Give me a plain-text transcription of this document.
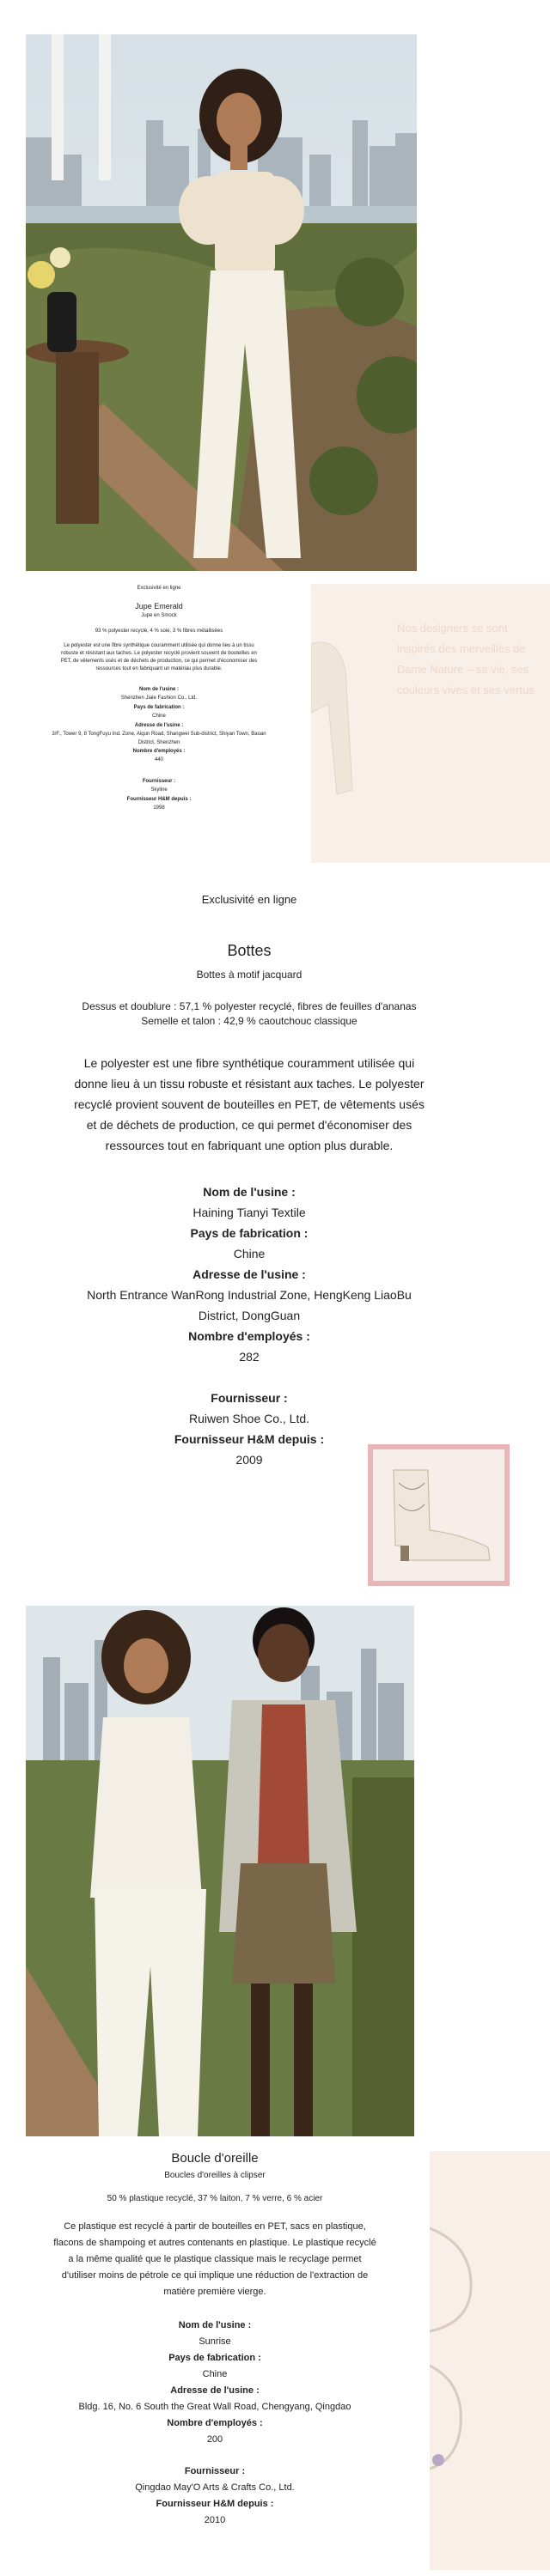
Exclusivité en ligne
Jupe Emerald
Jupe en Smock
93 % polyester recyclé, 4 % soie, 3 % fibres métallisées
Le polyester est une fibre synthétique couramment utilisée qui donne lieu à un tissu robuste et résistant aux taches. Le polyester recyclé provient souvent de bouteilles en PET, de vêtements usés et de déchets de production, ce qui permet d'économiser des ressources tout en fabriquant un matériau plus durable.
Nom de l'usine :
Shenzhen Jiale Fashion Co., Ltd.
Pays de fabrication :
Chine
Adresse de l'usine :
3/F., Tower 9, 8 TongFuyu Ind. Zone, Aiqun Road, Shangwei Sub-district, Shiyan Town, Baoan District, Shenzhen
Nombre d'employés :
440
Fournisseur :
Skyline
Fournisseur H&M depuis :
1998
Nos designers se sont inspirés des merveilles de Dame Nature – sa vie, ses couleurs vives et ses vertus
Exclusivité en ligne
Bottes
Bottes à motif jacquard
Dessus et doublure : 57,1 % polyester recyclé, fibres de feuilles d'ananas Semelle et talon : 42,9 % caoutchouc classique
Le polyester est une fibre synthétique couramment utilisée qui donne lieu à un tissu robuste et résistant aux taches. Le polyester recyclé provient souvent de bouteilles en PET, de vêtements usés et de déchets de production, ce qui permet d'économiser des ressources tout en fabriquant une option plus durable.
Nom de l'usine :
Haining Tianyi Textile
Pays de fabrication :
Chine
Adresse de l'usine :
North Entrance WanRong Industrial Zone, HengKeng LiaoBu District, DongGuan
Nombre d'employés :
282
Fournisseur :
Ruiwen Shoe Co., Ltd.
Fournisseur H&M depuis :
2009
Boucle d'oreille
Boucles d'oreilles à clipser
50 % plastique recyclé, 37 % laiton, 7 % verre, 6 % acier
Ce plastique est recyclé à partir de bouteilles en PET, sacs en plastique, flacons de shampoing et autres contenants en plastique. Le plastique recyclé a la même qualité que le plastique classique mais le recyclage permet d'utiliser moins de pétrole ce qui implique une réduction de l'extraction de matière première vierge.
Nom de l'usine :
Sunrise
Pays de fabrication :
Chine
Adresse de l'usine :
Bldg. 16, No. 6 South the Great Wall Road, Chengyang, Qingdao
Nombre d'employés :
200
Fournisseur :
Qingdao May'O Arts & Crafts Co., Ltd.
Fournisseur H&M depuis :
2010
